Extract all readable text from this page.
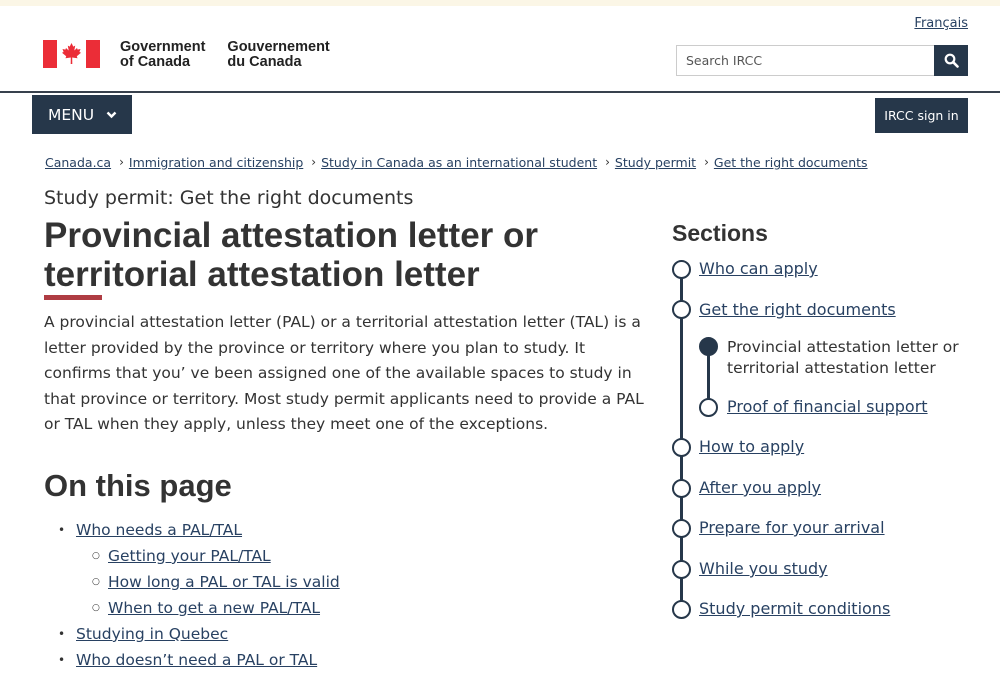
Français
Government
of Canada
Gouvernement
du Canada
Search IRCC
MENU	IRCC sign in
Canada.ca › Immigration and citizenship › Study in Canada as an international student › Study permit › Get the right documents
Study permit: Get the right documents
Provincial attestation letter or territorial attestation letter

A provincial attestation letter (PAL) or a territorial attestation letter (TAL) is a letter provided by the province or territory where you plan to study. It confirms that you’ ve been assigned one of the available spaces to study in that province or territory. Most study permit applicants need to provide a PAL or TAL when they apply, unless they meet one of the exceptions.

On this page
• Who needs a PAL/TAL
○ Getting your PAL/TAL
○ How long a PAL or TAL is valid
○ When to get a new PAL/TAL
• Studying in Quebec
• Who doesn’t need a PAL or TAL
Sections
Who can apply
Get the right documents
Provincial attestation letter or territorial attestation letter
Proof of financial support
How to apply
After you apply
Prepare for your arrival
While you study
Study permit conditions
